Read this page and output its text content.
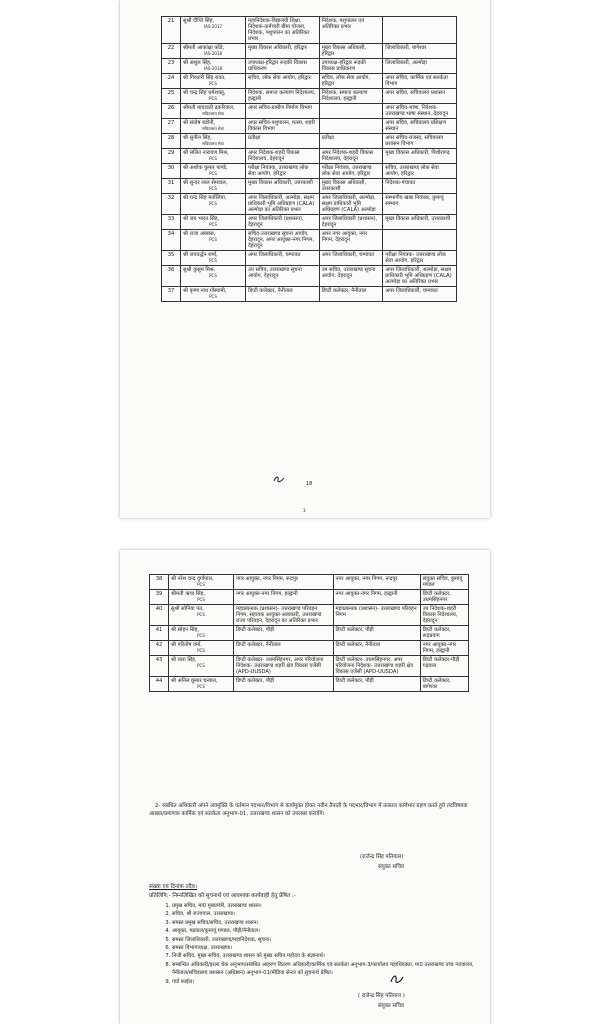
21	सुश्री दीप्ति सिंह,
IAS-2017	महानिदेशक-विद्यालयी शिक्षा, निदेशक-कर्मचारी बीमा योजना, निदेशक, पशुपालन का अतिरिक्त प्रभार	निदेशक, पशुपालन एवं अतिरिक्त प्रभार	
22	श्रीमती आकांक्षा कोंडे,
IAS-2018	मुख्य विकास अधिकारी, हरिद्वार	मुख्य विकास अधिकारी, हरिद्वार	जिलाधिकारी, बागेश्वर
23	श्री अंशुल सिंह,
IAS-2018	उपाध्यक्ष-हरिद्वार रूड़की विकास प्राधिकरण	उपाध्यक्ष-हरिद्वार रूड़की विकास प्राधिकरण	जिलाधिकारी, अल्मोड़ा
24	श्री गिरधारी सिंह रावत,
PCS	सचिव, लोक सेवा आयोग, हरिद्वार	सचिव, लोक सेवा आयोग, हरिद्वार	अपर सचिव, कार्मिक एवं सतर्कता विभाग
25	श्री चन्द्र सिंह धर्मशक्तू,
PCS	निदेशक, समाज कल्याण निदेशालय, हल्द्वानी	निदेशक, समाज कल्याण निदेशालय, हल्द्वानी	अपर सचिव, सचिवालय प्रशासन
26	श्रीमती मायावती ढकरियाल,
सचिवालय सेवा	अपर सचिव-ग्रामीण निर्माण विभाग		अपर सचिव-भाषा, निदेशक-उत्तराखण्ड भाषा संस्थान, देहरादून
27	श्री संतोष बडोनी,
सचिवालय सेवा	अपर सचिव-पशुपालन, मत्स्य, शहरी विकास विभाग		अपर सचिव, सचिवालय प्रशिक्षण संस्थान
28	श्री सुनील सिंह,
सचिवालय सेवा	प्रतीक्षा	प्रतीक्षा	अपर सचिव-राजस्व, सचिवालय प्रशासन विभाग
29	श्री ललित नारायण मिश्र,
PCS	अपर निदेशक-शहरी विकास निदेशालय, देहरादून	अपर निदेशक-शहरी विकास निदेशालय, देहरादून	मुख्य विकास अधिकारी, पिथौरागढ़
30	श्री अशोक कुमार पाण्डे,
PCS	परीक्षा नियंत्रक, उत्तराखण्ड लोक सेवा आयोग, हरिद्वार	परीक्षा नियंत्रक, उत्तराखण्ड लोक सेवा आयोग, हरिद्वार	सचिव, उत्तराखण्ड लोक सेवा आयोग, हरिद्वार
31	श्री सुन्दर लाल सेमवाल,
PCS	मुख्य विकास अधिकारी, उत्तरकाशी	मुख्य विकास अधिकारी, उत्तरकाशी	निदेशक-पंचायत
32	श्री चन्द्र सिंह मर्तोलिया,
PCS	अपर जिलाधिकारी, अल्मोड़ा, सक्षम प्राधिकारी भूमि अधिग्रहण (CALA) अल्मोड़ा का अतिरिक्त प्रभार	अपर जिलाधिकारी, अल्मोड़ा, सक्षम प्राधिकारी भूमि अधिग्रहण (CALA) अल्मोड़ा	सम्भागीय खाद्य नियंत्रक, कुमायूं सम्भाग
33	श्री जय भारत सिंह,
PCS	अपर जिलाधिकारी (प्रशासन), देहरादून	अपर जिलाधिकारी (प्रशासन), देहरादून	मुख्य विकास अधिकारी, उत्तरकाशी
34	श्री राजा अब्बास,
PCS	सचिव-उत्तराखण्ड सूचना आयोग, देहरादून, अपर आयुक्त-नगर निगम, देहरादून	अपर नगर आयुक्त, नगर निगम, देहरादून	
35	श्री जयवर्द्धन शर्मा,
PCS	अपर जिलाधिकारी, चम्पावत	अपर जिलाधिकारी, चम्पावत	परीक्षा नियंत्रक- उत्तराखण्ड लोक सेवा आयोग, हरिद्वार
36	सुश्री कुसुम मिश्र,
PCS	उप सचिव, उत्तराखण्ड सूचना आयोग, देहरादून	उप सचिव, उत्तराखण्ड सूचना आयोग, देहरादून	अपर जिलाधिकारी, अल्मोड़ा, सक्षम प्राधिकारी भूमि अधिग्रहण (CALA) अल्मोड़ा का अतिरिक्त प्रभार
37	श्री कृष्ण नाथ गोस्वामी,
PCS	डिप्टी कलेक्टर, नैनीताल	डिप्टी कलेक्टर, नैनीताल	अपर जिलाधिकारी, चम्पावत
18
3
38	श्री नरेश चन्द्र दुर्गापाल,
PCS	नगर आयुक्त, नगर निगम, रूद्रपुर	नगर आयुक्त, नगर निगम, रूद्रपुर	संयुक्त सचिव, कुमायूं मण्डल
39	श्रीमती ऋचा सिंह,
PCS	नगर आयुक्त-नगर निगम, हल्द्वानी	नगर आयुक्त-नगर निगम, हल्द्वानी	डिप्टी कलेक्टर, उधमसिंहनगर
40	सुश्री सोनिया पंत,
PCS	महाप्रबन्धक (प्रशासन)- उत्तराखण्ड परिवहन निगम, सहायक आयुक्त-आबकारी, उत्तराखण्ड राज्य परिवहन, देहरादून का अतिरिक्त प्रभार	महाप्रबन्धक (प्रशासन)- उत्तराखण्ड परिवहन निगम	उप निदेशक-शहरी विकास निदेशालय, देहरादून
41	श्री सोहन सिंह,
PCS	डिप्टी कलेक्टर, पौड़ी	डिप्टी कलेक्टर, पौड़ी	डिप्टी कलेक्टर, रूद्रप्रयाग
42	श्री परितोष वर्मा,
PCS	डिप्टी कलेक्टर, नैनीताल	डिप्टी कलेक्टर, नैनीताल	नगर आयुक्त-नगर निगम, हल्द्वानी
43	श्री धारा सिंह,
PCS	डिप्टी कलेक्टर- उधमसिंहनगर, अपर परियोजना निदेशक- उत्तराखण्ड शहरी क्षेत्र विकास एजेंसी (APD-UUSDA)	डिप्टी कलेक्टर- उधमसिंहनगर, अपर परियोजना निदेशक- उत्तराखण्ड शहरी क्षेत्र विकास एजेंसी (APD-UUSDA)	डिप्टी कलेक्टर-पौड़ी गढ़वाल
44	श्री अनिल कुमार चन्याल,
PCS	डिप्टी कलेक्टर, पौड़ी	डिप्टी कलेक्टर, पौड़ी	डिप्टी कलेक्टर, बागेश्वर
2- संबंधित अधिकारी अपने अवमुक्ति के वर्तमान पदभार/विभाग से कार्यमुक्त होकर नवीन तैनाती के पदभार/विभाग में तत्काल कार्यभार ग्रहण करते हुये तदविषयक आख्या/प्रमाणक कार्मिक एवं सतर्कता अनुभाग-01, उत्तराखण्ड शासन को उपलब्ध करायेंगे।
(राजेन्द्र सिंह पतियाल)
संयुक्त सचिव
संख्या एवं दिनांक तदैव।
प्रतिलिपि:- निम्नलिखित को सूचनार्थ एवं आवश्यक कार्यवाही हेतु प्रेषित :-
1. प्रमुख सचिव, मा0 मुख्यमंत्री, उत्तराखण्ड शासन।
2. सचिव, श्री राज्यपाल, उत्तराखण्ड।
3. समस्त प्रमुख सचिव/सचिव, उत्तराखण्ड शासन।
4. आयुक्त, गढ़वाल/कुमायूं मण्डल, पौड़ी/नैनीताल।
5. समस्त जिलाधिकारी, उत्तराखण्ड/महानिदेशक, सूचना।
6. समस्त विभागाध्यक्ष, उत्तराखण्ड।
7. निजी सचिव, मुख्य सचिव, उत्तराखण्ड शासन को मुख्य सचिव महोदय के संज्ञानार्थ।
8. सम्बन्धित अधिकारी/इरला चेक अनुभाग/संबंधित आहरण वितरण अधिकारी/कार्मिक एवं सतर्कता अनुभाग-3/कार्यालय महाधिवक्ता, मा0 उत्तराखण्ड उच्च न्यायालय, नैनीताल/सचिवालय प्रशासन (अधिष्ठान) अनुभाग-01/मीडिया सेन्टर को सूचनार्थ प्रेषित।
9. गार्ड फाईल।
( राजेन्द्र सिंह पतियाल )
संयुक्त सचिव
